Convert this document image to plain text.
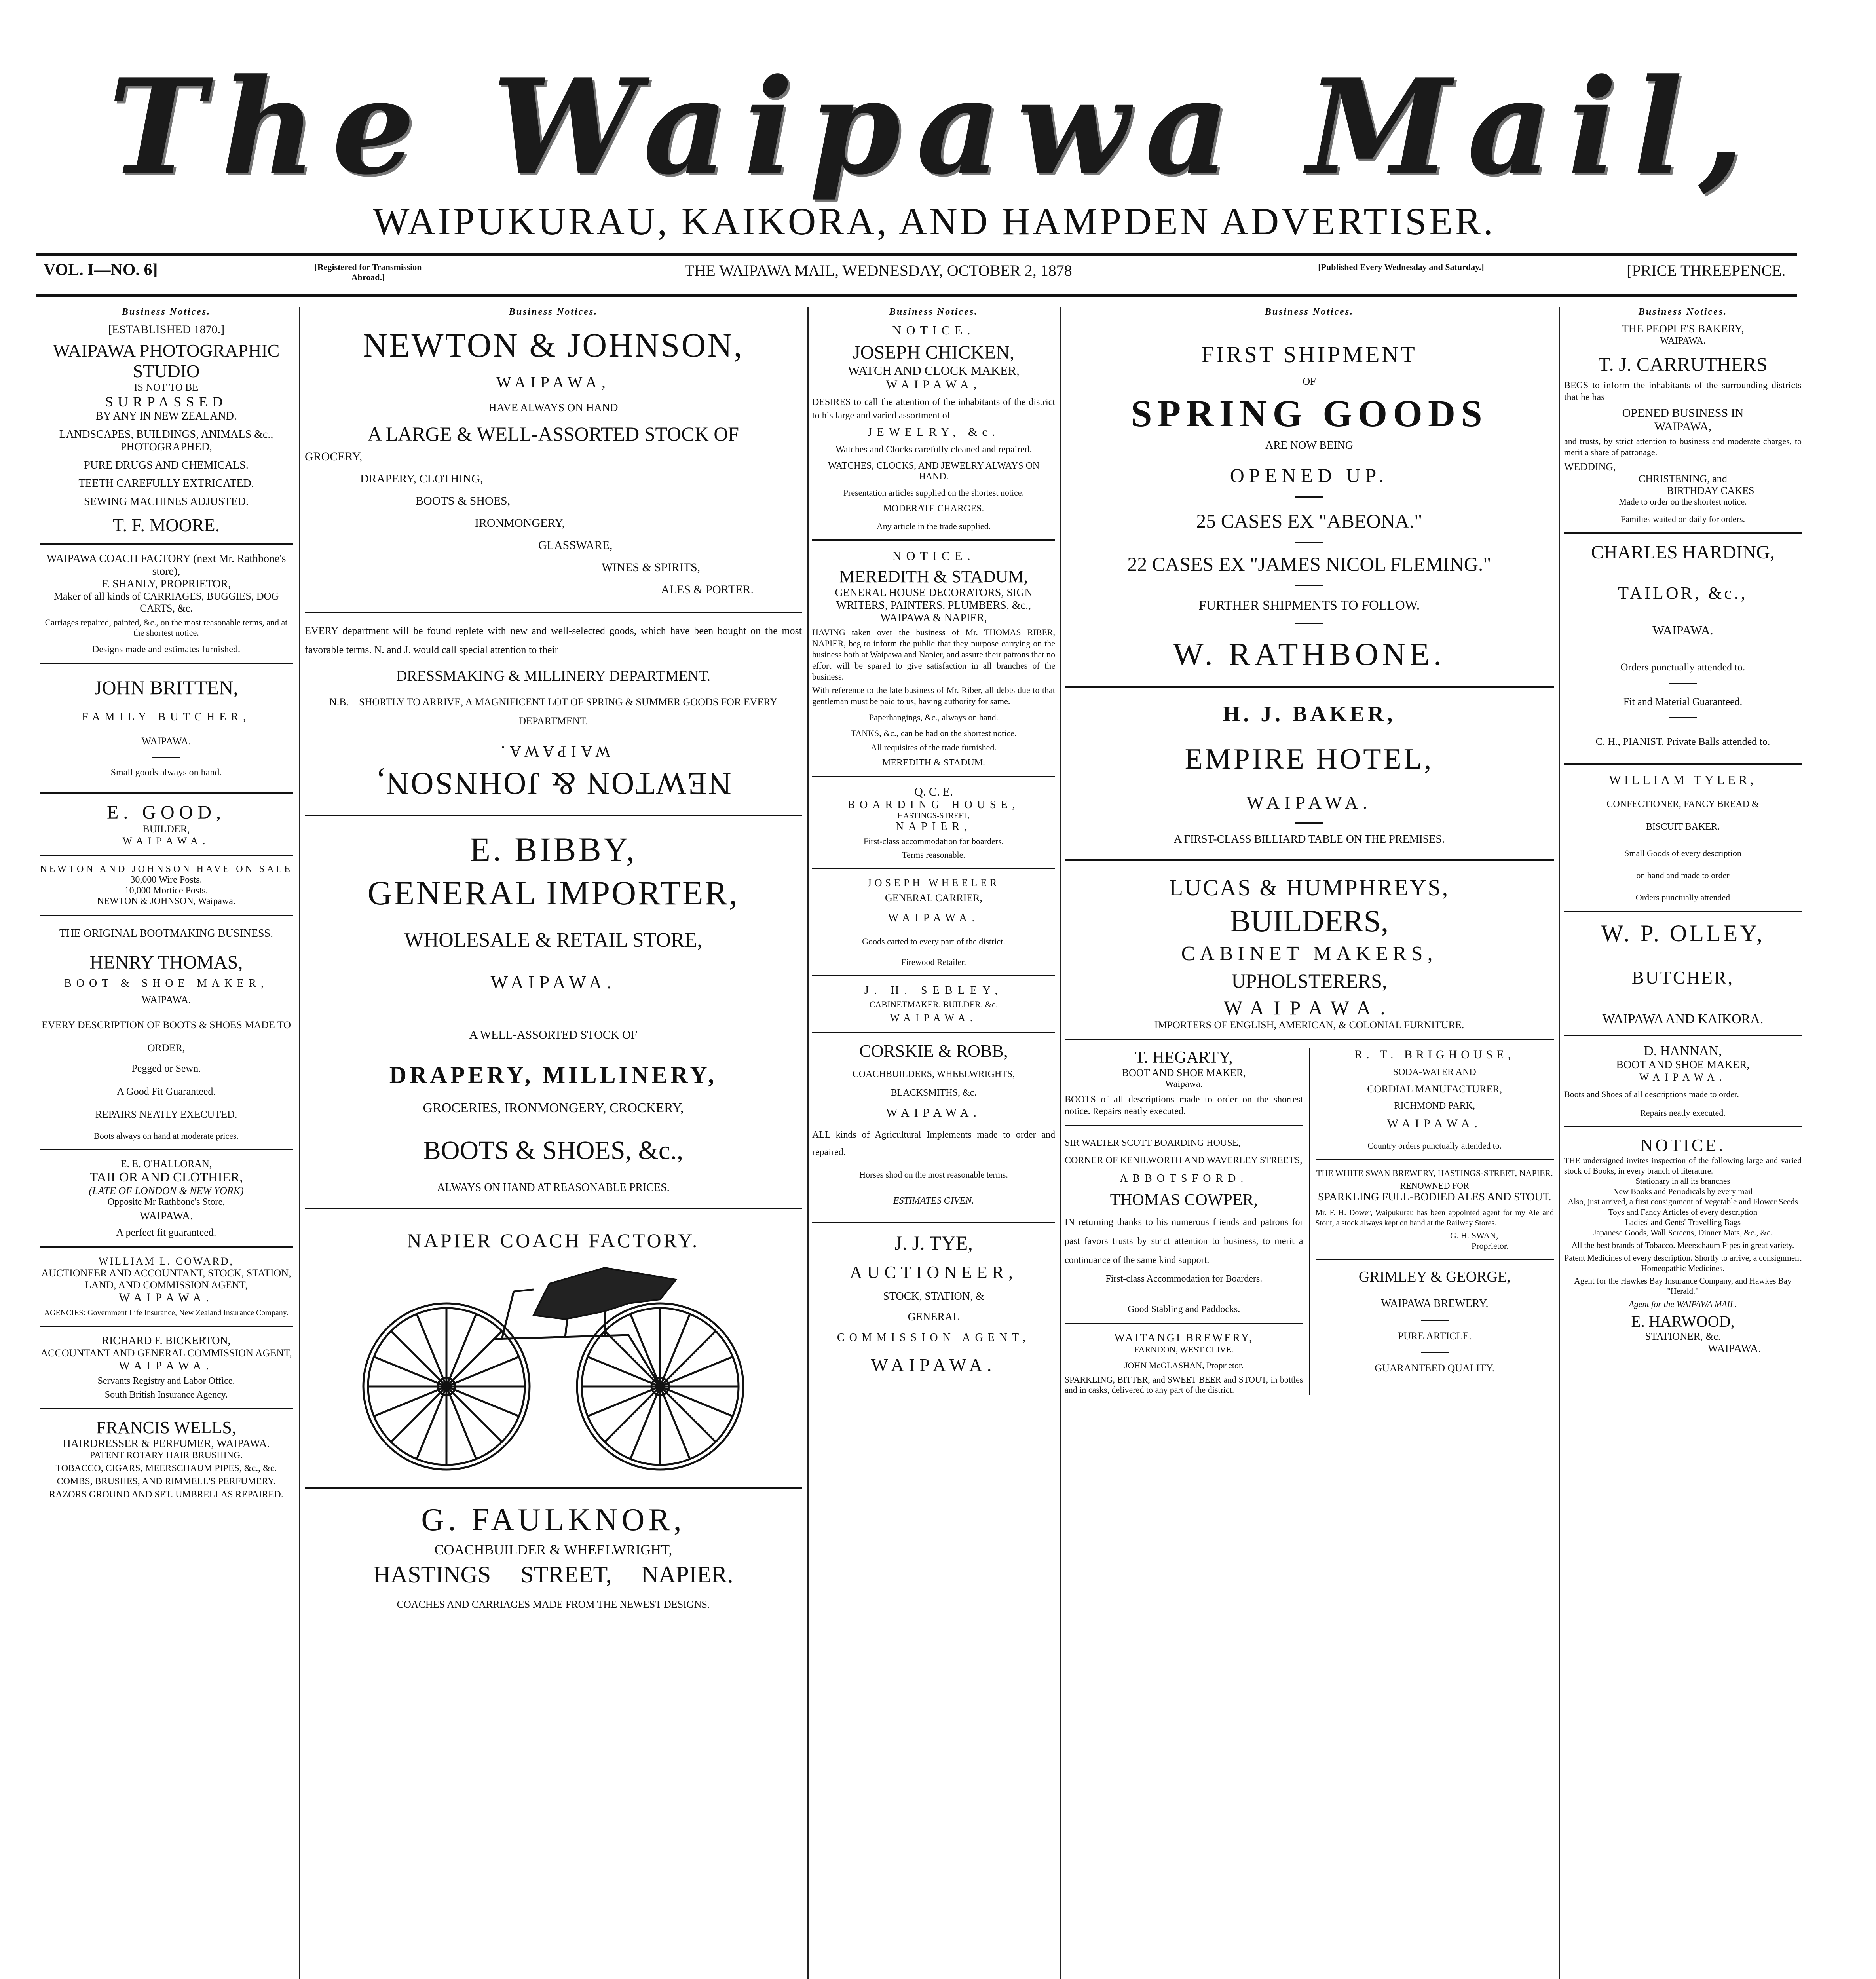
The Waipawa Mail,
WAIPUKURAU, KAIKORA, AND HAMPDEN ADVERTISER.
VOL. I—NO. 6]	[Registered for Transmission Abroad.]	THE WAIPAWA MAIL, WEDNESDAY, OCTOBER 2, 1878	[Published Every Wednesday and Saturday.]	[PRICE THREEPENCE.
Business Notices.
[ESTABLISHED 1870.]
WAIPAWA PHOTOGRAPHIC STUDIO
IS NOT TO BE
SURPASSED
BY ANY IN NEW ZEALAND.
LANDSCAPES, BUILDINGS, ANIMALS &c., PHOTOGRAPHED,
PURE DRUGS AND CHEMICALS.
TEETH CAREFULLY EXTRICATED.
SEWING MACHINES ADJUSTED.
T. F. MOORE.
WAIPAWA COACH FACTORY (next Mr. Rathbone's store),
F. SHANLY, PROPRIETOR,
Maker of all kinds of CARRIAGES, BUGGIES, DOG CARTS, &c.
Carriages repaired, painted, &c., on the most reasonable terms, and at the shortest notice.
Designs made and estimates furnished.
JOHN BRITTEN,
FAMILY BUTCHER,
WAIPAWA.
Small goods always on hand.
E. GOOD,
BUILDER,
WAIPAWA.
NEWTON AND JOHNSON HAVE ON SALE
30,000 Wire Posts.
10,000 Mortice Posts.
NEWTON & JOHNSON, Waipawa.
THE ORIGINAL BOOTMAKING BUSINESS.
HENRY THOMAS,
BOOT & SHOE MAKER,
WAIPAWA.
EVERY DESCRIPTION OF BOOTS & SHOES MADE TO ORDER,
Pegged or Sewn.
A Good Fit Guaranteed.
REPAIRS NEATLY EXECUTED.
Boots always on hand at moderate prices.
E. E. O'HALLORAN,
TAILOR AND CLOTHIER,
(LATE OF LONDON & NEW YORK)
Opposite Mr Rathbone's Store,
WAIPAWA.
A perfect fit guaranteed.
WILLIAM L. COWARD,
AUCTIONEER AND ACCOUNTANT, STOCK, STATION, LAND, AND COMMISSION AGENT,
WAIPAWA.
AGENCIES: Government Life Insurance, New Zealand Insurance Company.
RICHARD F. BICKERTON,
ACCOUNTANT AND GENERAL COMMISSION AGENT,
WAIPAWA.
Servants Registry and Labor Office.
South British Insurance Agency.
FRANCIS WELLS,
HAIRDRESSER & PERFUMER, WAIPAWA.
PATENT ROTARY HAIR BRUSHING.
TOBACCO, CIGARS, MEERSCHAUM PIPES, &c., &c.
COMBS, BRUSHES, AND RIMMELL'S PERFUMERY.
RAZORS GROUND AND SET. UMBRELLAS REPAIRED.
Business Notices.
NEWTON & JOHNSON,
WAIPAWA,
HAVE ALWAYS ON HAND
A LARGE & WELL-ASSORTED STOCK OF
GROCERY,
DRAPERY, CLOTHING,
BOOTS & SHOES,
IRONMONGERY,
GLASSWARE,
WINES & SPIRITS,
ALES & PORTER.
EVERY department will be found replete with new and well-selected goods, which have been bought on the most favorable terms. N. and J. would call special attention to their
DRESSMAKING & MILLINERY DEPARTMENT.
N.B.—SHORTLY TO ARRIVE, A MAGNIFICENT LOT OF SPRING & SUMMER GOODS FOR EVERY DEPARTMENT.
NEWTON & JOHNSON,
WAIPAWA.
E. BIBBY,
GENERAL IMPORTER,
WHOLESALE & RETAIL STORE,
WAIPAWA.
A WELL-ASSORTED STOCK OF
DRAPERY, MILLINERY,
GROCERIES, IRONMONGERY, CROCKERY,
BOOTS & SHOES, &c.,
ALWAYS ON HAND AT REASONABLE PRICES.
NAPIER COACH FACTORY.
G. FAULKNOR,
COACHBUILDER & WHEELWRIGHT,
HASTINGS STREET, NAPIER.
COACHES AND CARRIAGES MADE FROM THE NEWEST DESIGNS.
Business Notices.
NOTICE.
JOSEPH CHICKEN,
WATCH AND CLOCK MAKER,
WAIPAWA,
DESIRES to call the attention of the inhabitants of the district to his large and varied assortment of
JEWELRY, &c.
Watches and Clocks carefully cleaned and repaired.
WATCHES, CLOCKS, AND JEWELRY ALWAYS ON HAND.
Presentation articles supplied on the shortest notice.
MODERATE CHARGES.
Any article in the trade supplied.
NOTICE.
MEREDITH & STADUM,
GENERAL HOUSE DECORATORS, SIGN WRITERS, PAINTERS, PLUMBERS, &c.,
WAIPAWA & NAPIER,
HAVING taken over the business of Mr. THOMAS RIBER, NAPIER, beg to inform the public that they purpose carrying on the business both at Waipawa and Napier, and assure their patrons that no effort will be spared to give satisfaction in all branches of the business.
With reference to the late business of Mr. Riber, all debts due to that gentleman must be paid to us, having authority for same.
Paperhangings, &c., always on hand.
TANKS, &c., can be had on the shortest notice.
All requisites of the trade furnished.
MEREDITH & STADUM.
Q. C. E.
BOARDING HOUSE,
HASTINGS-STREET,
NAPIER,
First-class accommodation for boarders.
Terms reasonable.
JOSEPH WHEELER
GENERAL CARRIER,
WAIPAWA.
Goods carted to every part of the district.
Firewood Retailer.
J. H. SEBLEY,
CABINETMAKER, BUILDER, &c.
WAIPAWA.
CORSKIE & ROBB,
COACHBUILDERS, WHEELWRIGHTS,
BLACKSMITHS, &c.
WAIPAWA.
ALL kinds of Agricultural Implements made to order and repaired.
Horses shod on the most reasonable terms.
ESTIMATES GIVEN.
J. J. TYE,
AUCTIONEER,
STOCK, STATION, &
GENERAL
COMMISSION AGENT,
WAIPAWA.
Business Notices.
FIRST SHIPMENT
OF
SPRING GOODS
ARE NOW BEING
OPENED UP.
25 CASES EX "ABEONA."
22 CASES EX "JAMES NICOL FLEMING."
FURTHER SHIPMENTS TO FOLLOW.
W. RATHBONE.
H. J. BAKER,
EMPIRE HOTEL,
WAIPAWA.
A FIRST-CLASS BILLIARD TABLE ON THE PREMISES.
LUCAS & HUMPHREYS,
BUILDERS,
CABINET MAKERS,
UPHOLSTERERS,
WAIPAWA.
IMPORTERS OF ENGLISH, AMERICAN, & COLONIAL FURNITURE.
T. HEGARTY,
BOOT AND SHOE MAKER,
Waipawa.
BOOTS of all descriptions made to order on the shortest notice. Repairs neatly executed.
SIR WALTER SCOTT BOARDING HOUSE,
CORNER OF KENILWORTH AND WAVERLEY STREETS,
ABBOTSFORD.
THOMAS COWPER,
IN returning thanks to his numerous friends and patrons for past favors trusts by strict attention to business, to merit a continuance of the same kind support.
First-class Accommodation for Boarders.
Good Stabling and Paddocks.
WAITANGI BREWERY,
FARNDON, WEST CLIVE.
JOHN McGLASHAN, Proprietor.
SPARKLING, BITTER, and SWEET BEER and STOUT, in bottles and in casks, delivered to any part of the district.
R. T. BRIGHOUSE,
SODA-WATER AND
CORDIAL MANUFACTURER,
RICHMOND PARK,
WAIPAWA.
Country orders punctually attended to.
THE WHITE SWAN BREWERY, HASTINGS-STREET, NAPIER.
RENOWNED FOR
SPARKLING FULL-BODIED ALES AND STOUT.
Mr. F. H. Dower, Waipukurau has been appointed agent for my Ale and Stout, a stock always kept on hand at the Railway Stores.
G. H. SWAN,
Proprietor.
GRIMLEY & GEORGE,
WAIPAWA BREWERY.
PURE ARTICLE.
GUARANTEED QUALITY.
Business Notices.
THE PEOPLE'S BAKERY,
WAIPAWA.
T. J. CARRUTHERS
BEGS to inform the inhabitants of the surrounding districts that he has
OPENED BUSINESS IN
WAIPAWA,
and trusts, by strict attention to business and moderate charges, to merit a share of patronage.
WEDDING,
CHRISTENING, and
BIRTHDAY CAKES
Made to order on the shortest notice.
Families waited on daily for orders.
CHARLES HARDING,
TAILOR, &c.,
WAIPAWA.
Orders punctually attended to.
Fit and Material Guaranteed.
C. H., PIANIST. Private Balls attended to.
WILLIAM TYLER,
CONFECTIONER, FANCY BREAD &
BISCUIT BAKER.
Small Goods of every description
on hand and made to order
Orders punctually attended
W. P. OLLEY,
BUTCHER,
WAIPAWA AND KAIKORA.
D. HANNAN,
BOOT AND SHOE MAKER,
WAIPAWA.
Boots and Shoes of all descriptions made to order.
Repairs neatly executed.
NOTICE.
THE undersigned invites inspection of the following large and varied stock of Books, in every branch of literature.
Stationary in all its branches
New Books and Periodicals by every mail
Also, just arrived, a first consignment of Vegetable and Flower Seeds
Toys and Fancy Articles of every description
Ladies' and Gents' Travelling Bags
Japanese Goods, Wall Screens, Dinner Mats, &c., &c.
All the best brands of Tobacco. Meerschaum Pipes in great variety.
Patent Medicines of every description. Shortly to arrive, a consignment Homeopathic Medicines.
Agent for the Hawkes Bay Insurance Company, and Hawkes Bay "Herald."
Agent for the WAIPAWA MAIL.
E. HARWOOD,
STATIONER, &c.
WAIPAWA.
